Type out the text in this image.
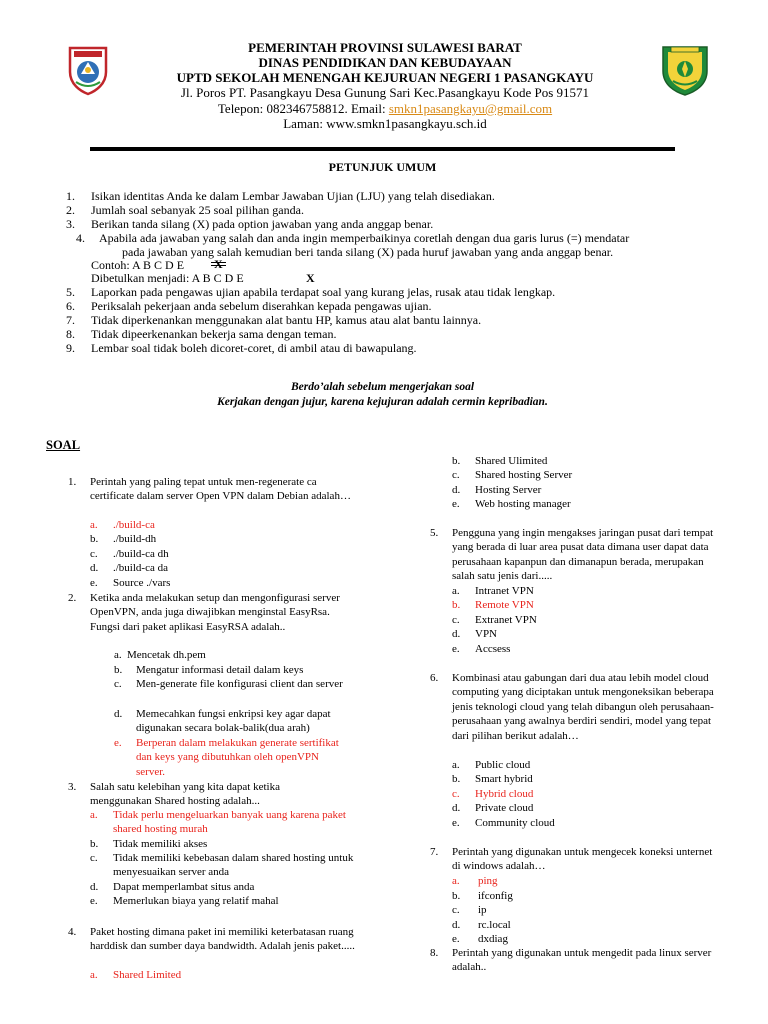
PEMERINTAH PROVINSI SULAWESI BARAT
DINAS PENDIDIKAN DAN KEBUDAYAAN
UPTD SEKOLAH MENENGAH KEJURUAN NEGERI 1 PASANGKAYU
Jl. Poros PT. Pasangkayu Desa Gunung Sari Kec.Pasangkayu Kode Pos 91571
Telepon: 082346758812. Email: smkn1pasangkayu@gmail.com
Laman: www.smkn1pasangkayu.sch.id
PETUNJUK UMUM
1. Isikan identitas Anda ke dalam Lembar Jawaban Ujian (LJU) yang telah disediakan.
2. Jumlah soal sebanyak 25 soal pilihan ganda.
3. Berikan tanda silang (X) pada option jawaban yang anda anggap benar.
4. Apabila ada jawaban yang salah dan anda ingin memperbaikinya coretlah dengan dua garis lurus (=) mendatar
pada jawaban yang salah kemudian beri tanda silang (X) pada huruf jawaban yang anda anggap benar.
Contoh: A B C D E X
Dibetulkan menjadi: A B C D E	X
5. Laporkan pada pengawas ujian apabila terdapat soal yang kurang jelas, rusak atau tidak lengkap.
6. Periksalah pekerjaan anda sebelum diserahkan kepada pengawas ujian.
7. Tidak diperkenankan menggunakan alat bantu HP, kamus atau alat bantu lainnya.
8. Tidak dipeerkenankan bekerja sama dengan teman.
9. Lembar soal tidak boleh dicoret-coret, di ambil atau di bawapulang.
Berdo’alah sebelum mengerjakan soal
Kerjakan dengan jujur, karena kejujuran adalah cermin kepribadian.
SOAL
1. Perintah yang paling tepat untuk men-regenerate ca certificate dalam server Open VPN dalam Debian adalah…
a. ./build-ca
b. ./build-dh
c. ./build-ca dh
d. ./build-ca da
e. Source ./vars
2. Ketika anda melakukan setup dan mengonfigurasi server OpenVPN, anda juga diwajibkan menginstal EasyRsa. Fungsi dari paket aplikasi EasyRSA adalah..
a. Mencetak dh.pem
b. Mengatur informasi detail dalam keys
c. Men-generate file konfigurasi client dan server
d. Memecahkan fungsi enkripsi key agar dapat digunakan secara bolak-balik(dua arah)
e. Berperan dalam melakukan generate sertifikat dan keys yang dibutuhkan oleh openVPN server.
3. Salah satu kelebihan yang kita dapat ketika menggunakan Shared hosting adalah...
a. Tidak perlu mengeluarkan banyak uang karena paket shared hosting murah
b. Tidak memiliki akses
c. Tidak memiliki kebebasan dalam shared hosting untuk menyesuaikan server anda
d. Dapat memperlambat situs anda
e. Memerlukan biaya yang relatif mahal
4. Paket hosting dimana paket ini memiliki keterbatasan ruang harddisk dan sumber daya bandwidth. Adalah jenis paket.....
a. Shared Limited
b. Shared Ulimited
c. Shared hosting Server
d. Hosting Server
e. Web hosting manager
5. Pengguna yang ingin mengakses jaringan pusat dari tempat yang berada di luar area pusat data dimana user dapat data perusahaan kapanpun dan dimanapun berada, merupakan salah satu jenis dari.....
a. Intranet VPN
b. Remote VPN
c. Extranet VPN
d. VPN
e. Accsess
6. Kombinasi atau gabungan dari dua atau lebih model cloud computing yang diciptakan untuk mengoneksikan beberapa jenis teknologi cloud yang telah dibangun oleh perusahaan-perusahaan yang awalnya berdiri sendiri, model yang tepat dari pilihan berikut adalah…
a. Public cloud
b. Smart hybrid
c. Hybrid cloud
d. Private cloud
e. Community cloud
7. Perintah yang digunakan untuk mengecek koneksi unternet di windows adalah…
a. ping
b. ifconfig
c. ip
d. rc.local
e. dxdiag
8. Perintah yang digunakan untuk mengedit pada linux server adalah..
